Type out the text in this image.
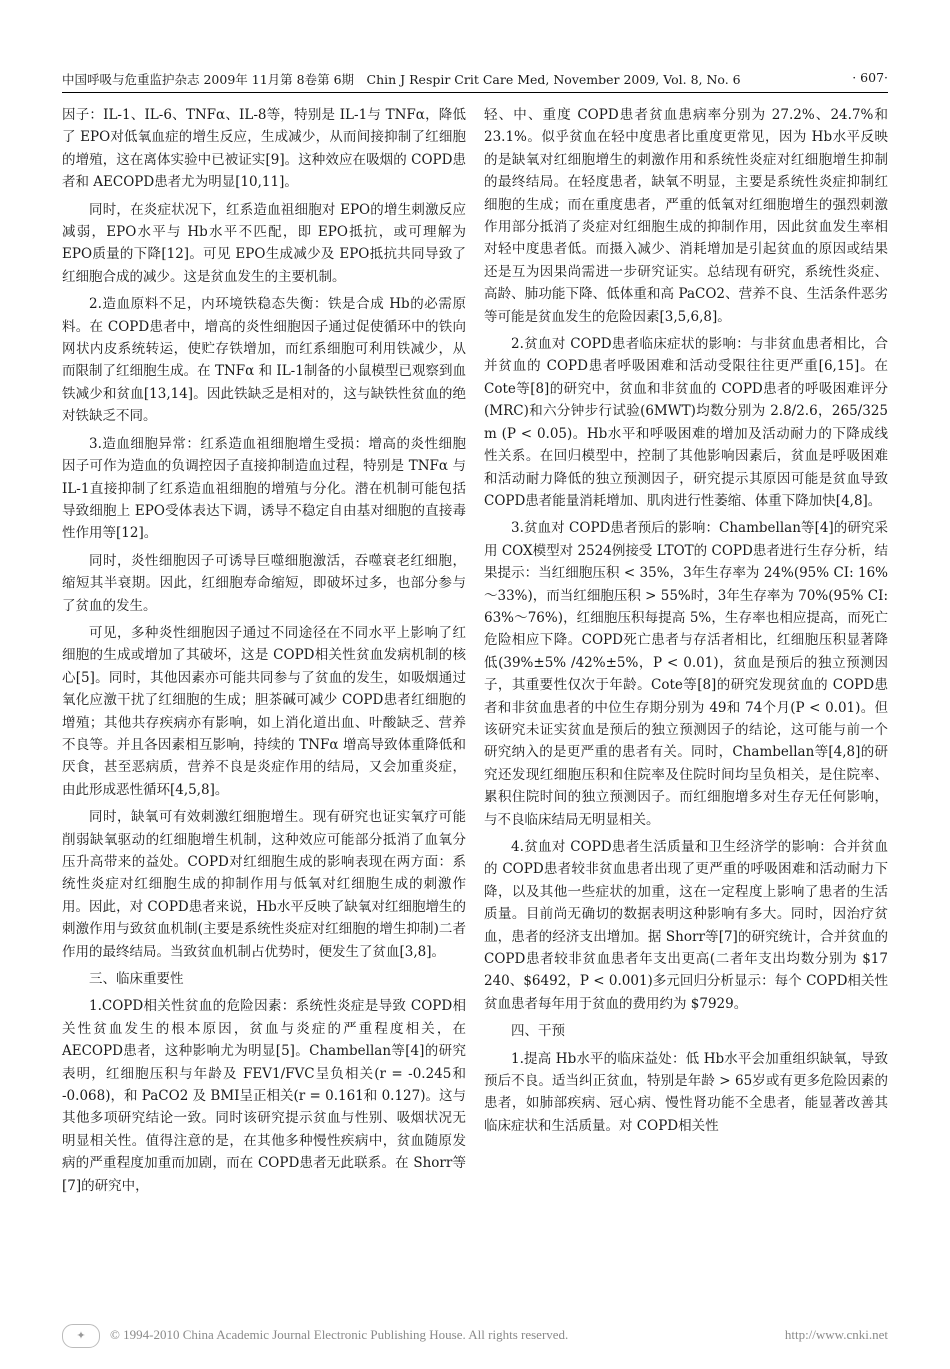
中国呼吸与危重监护杂志 2009年 11月第 8卷第 6期　Chin J Respir Crit Care Med, November 2009, Vol. 8, No. 6	· 607·

因子：IL-1、IL-6、TNFα、IL-8等，特别是 IL-1与 TNFα，降低了 EPO对低氧血症的增生反应，生成减少，从而间接抑制了红细胞的增殖，这在离体实验中已被证实[9]。这种效应在吸烟的 COPD患者和 AECOPD患者尤为明显[10,11]。

同时，在炎症状况下，红系造血祖细胞对 EPO的增生刺激反应减弱，EPO水平与 Hb水平不匹配，即 EPO抵抗，或可理解为 EPO质量的下降[12]。可见 EPO生成减少及 EPO抵抗共同导致了红细胞合成的减少。这是贫血发生的主要机制。

2.造血原料不足，内环境铁稳态失衡：铁是合成 Hb的必需原料。在 COPD患者中，增高的炎性细胞因子通过促使循环中的铁向网状内皮系统转运，使贮存铁增加，而红系细胞可利用铁减少，从而限制了红细胞生成。在 TNFα 和 IL-1制备的小鼠模型已观察到血铁减少和贫血[13,14]。因此铁缺乏是相对的，这与缺铁性贫血的绝对铁缺乏不同。

3.造血细胞异常：红系造血祖细胞增生受损：增高的炎性细胞因子可作为造血的负调控因子直接抑制造血过程，特别是 TNFα 与 IL-1直接抑制了红系造血祖细胞的增殖与分化。潜在机制可能包括导致细胞上 EPO受体表达下调，诱导不稳定自由基对细胞的直接毒性作用等[12]。

同时，炎性细胞因子可诱导巨噬细胞激活，吞噬衰老红细胞，缩短其半衰期。因此，红细胞寿命缩短，即破坏过多，也部分参与了贫血的发生。

可见，多种炎性细胞因子通过不同途径在不同水平上影响了红细胞的生成或增加了其破坏，这是 COPD相关性贫血发病机制的核心[5]。同时，其他因素亦可能共同参与了贫血的发生，如吸烟通过氧化应激干扰了红细胞的生成；胆茶碱可减少 COPD患者红细胞的增殖；其他共存疾病亦有影响，如上消化道出血、叶酸缺乏、营养不良等。并且各因素相互影响，持续的 TNFα 增高导致体重降低和厌食，甚至恶病质，营养不良是炎症作用的结局，又会加重炎症，由此形成恶性循环[4,5,8]。

同时，缺氧可有效刺激红细胞增生。现有研究也证实氧疗可能削弱缺氧驱动的红细胞增生机制，这种效应可能部分抵消了血氧分压升高带来的益处。COPD对红细胞生成的影响表现在两方面：系统性炎症对红细胞生成的抑制作用与低氧对红细胞生成的刺激作用。因此，对 COPD患者来说，Hb水平反映了缺氧对红细胞增生的刺激作用与致贫血机制(主要是系统性炎症对红细胞的增生抑制)二者作用的最终结局。当致贫血机制占优势时，便发生了贫血[3,8]。

三、临床重要性

1.COPD相关性贫血的危险因素：系统性炎症是导致 COPD相关性贫血发生的根本原因，贫血与炎症的严重程度相关，在 AECOPD患者，这种影响尤为明显[5]。Chambellan等[4]的研究表明，红细胞压积与年龄及 FEV1/FVC呈负相关(r = -0.245和 -0.068)，和 PaCO2 及 BMI呈正相关(r = 0.161和 0.127)。这与其他多项研究结论一致。同时该研究提示贫血与性别、吸烟状况无明显相关性。值得注意的是，在其他多种慢性疾病中，贫血随原发病的严重程度加重而加剧，而在 COPD患者无此联系。在 Shorr等[7]的研究中，

轻、中、重度 COPD患者贫血患病率分别为 27.2%、24.7%和 23.1%。似乎贫血在轻中度患者比重度更常见，因为 Hb水平反映的是缺氧对红细胞增生的刺激作用和系统性炎症对红细胞增生抑制的最终结局。在轻度患者，缺氧不明显，主要是系统性炎症抑制红细胞的生成；而在重度患者，严重的低氧对红细胞增生的强烈刺激作用部分抵消了炎症对红细胞生成的抑制作用，因此贫血发生率相对轻中度患者低。而摄入减少、消耗增加是引起贫血的原因或结果还是互为因果尚需进一步研究证实。总结现有研究，系统性炎症、高龄、肺功能下降、低体重和高 PaCO2、营养不良、生活条件恶劣等可能是贫血发生的危险因素[3,5,6,8]。

2.贫血对 COPD患者临床症状的影响：与非贫血患者相比，合并贫血的 COPD患者呼吸困难和活动受限往往更严重[6,15]。在 Cote等[8]的研究中，贫血和非贫血的 COPD患者的呼吸困难评分(MRC)和六分钟步行试验(6MWT)均数分别为 2.8/2.6，265/325 m (P < 0.05)。Hb水平和呼吸困难的增加及活动耐力的下降成线性关系。在回归模型中，控制了其他影响因素后，贫血是呼吸困难和活动耐力降低的独立预测因子，研究提示其原因可能是贫血导致 COPD患者能量消耗增加、肌肉进行性萎缩、体重下降加快[4,8]。

3.贫血对 COPD患者预后的影响：Chambellan等[4]的研究采用 COX模型对 2524例接受 LTOT的 COPD患者进行生存分析，结果提示：当红细胞压积 < 35%，3年生存率为 24%(95% CI: 16%～33%)，而当红细胞压积 > 55%时，3年生存率为 70%(95% CI: 63%～76%)，红细胞压积每提高 5%，生存率也相应提高，而死亡危险相应下降。COPD死亡患者与存活者相比，红细胞压积显著降低(39%±5% /42%±5%，P < 0.01)，贫血是预后的独立预测因子，其重要性仅次于年龄。Cote等[8]的研究发现贫血的 COPD患者和非贫血患者的中位生存期分别为 49和 74个月(P < 0.01)。但该研究未证实贫血是预后的独立预测因子的结论，这可能与前一个研究纳入的是更严重的患者有关。同时，Chambellan等[4,8]的研究还发现红细胞压积和住院率及住院时间均呈负相关，是住院率、累积住院时间的独立预测因子。而红细胞增多对生存无任何影响，与不良临床结局无明显相关。

4.贫血对 COPD患者生活质量和卫生经济学的影响：合并贫血的 COPD患者较非贫血患者出现了更严重的呼吸困难和活动耐力下降，以及其他一些症状的加重，这在一定程度上影响了患者的生活质量。目前尚无确切的数据表明这种影响有多大。同时，因治疗贫血，患者的经济支出增加。据 Shorr等[7]的研究统计，合并贫血的 COPD患者较非贫血患者年支出更高(二者年支出均数分别为 $17 240、$6492，P < 0.001)多元回归分析显示：每个 COPD相关性贫血患者每年用于贫血的费用约为 $7929。

四、干预

1.提高 Hb水平的临床益处：低 Hb水平会加重组织缺氧，导致预后不良。适当纠正贫血，特别是年龄 > 65岁或有更多危险因素的患者，如肺部疾病、冠心病、慢性肾功能不全患者，能显著改善其临床症状和生活质量。对 COPD相关性

✦	© 1994-2010 China Academic Journal Electronic Publishing House. All rights reserved.	http://www.cnki.net
